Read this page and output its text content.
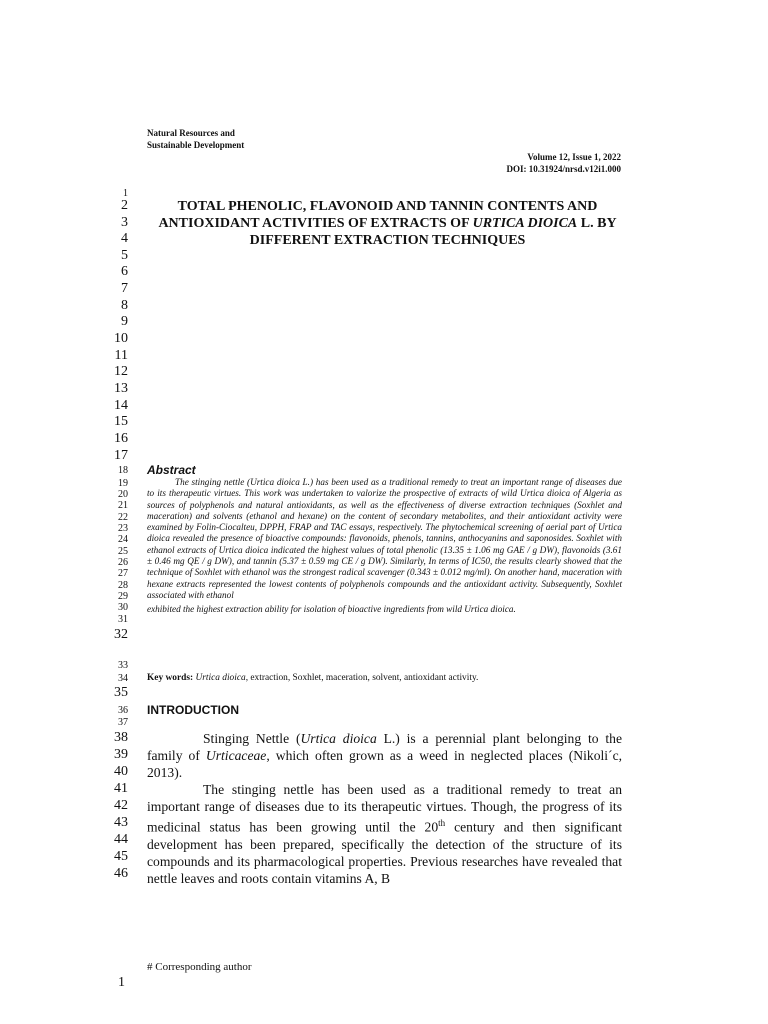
Natural Resources and
Sustainable Development
Volume 12, Issue 1, 2022
DOI: 10.31924/nrsd.v12i1.000
1
2
3
4
5
6
7
8
9
10
11
12
13
14
15
16
17
18
19
20
21
22
23
24
25
26
27
28
29
30
31
32
33
34
35
36
37
38
39
40
41
42
43
44
45
46
TOTAL PHENOLIC, FLAVONOID AND TANNIN CONTENTS AND ANTIOXIDANT ACTIVITIES OF EXTRACTS OF URTICA DIOICA L. BY DIFFERENT EXTRACTION TECHNIQUES
Abstract

The stinging nettle (Urtica dioica L.) has been used as a traditional remedy to treat an important range of diseases due to its therapeutic virtues. This work was undertaken to valorize the prospective of extracts of wild Urtica dioica of Algeria as sources of polyphenols and natural antioxidants, as well as the effectiveness of diverse extraction techniques (Soxhlet and maceration) and solvents (ethanol and hexane) on the content of secondary metabolites, and their antioxidant activity were examined by Folin-Ciocalteu, DPPH, FRAP and TAC essays, respectively. The phytochemical screening of aerial part of Urtica dioica revealed the presence of bioactive compounds: flavonoids, phenols, tannins, anthocyanins and saponosides. Soxhlet with ethanol extracts of Urtica dioica indicated the highest values of total phenolic (13.35 ± 1.06 mg GAE / g DW), flavonoids (3.61 ± 0.46 mg QE / g DW), and tannin (5.37 ± 0.59 mg CE / g DW). Similarly, In terms of IC50, the results clearly showed that the technique of Soxhlet with ethanol was the strongest radical scavenger (0.343 ± 0.012 mg/ml). On another hand, maceration with hexane extracts represented the lowest contents of polyphenols compounds and the antioxidant activity. Subsequently, Soxhlet associated with ethanol

exhibited the highest extraction ability for isolation of bioactive ingredients from wild Urtica dioica.

Key words: Urtica dioica, extraction, Soxhlet, maceration, solvent, antioxidant activity.
INTRODUCTION

Stinging Nettle (Urtica dioica L.) is a perennial plant belonging to the family of Urticaceae, which often grown as a weed in neglected places (Nikoli´c, 2013).

The stinging nettle has been used as a traditional remedy to treat an important range of diseases due to its therapeutic virtues. Though, the progress of its medicinal status has been growing until the 20th century and then significant development has been prepared, specifically the detection of the structure of its compounds and its pharmacological properties. Previous researches have revealed that nettle leaves and roots contain vitamins A, B

# Corresponding author
1
